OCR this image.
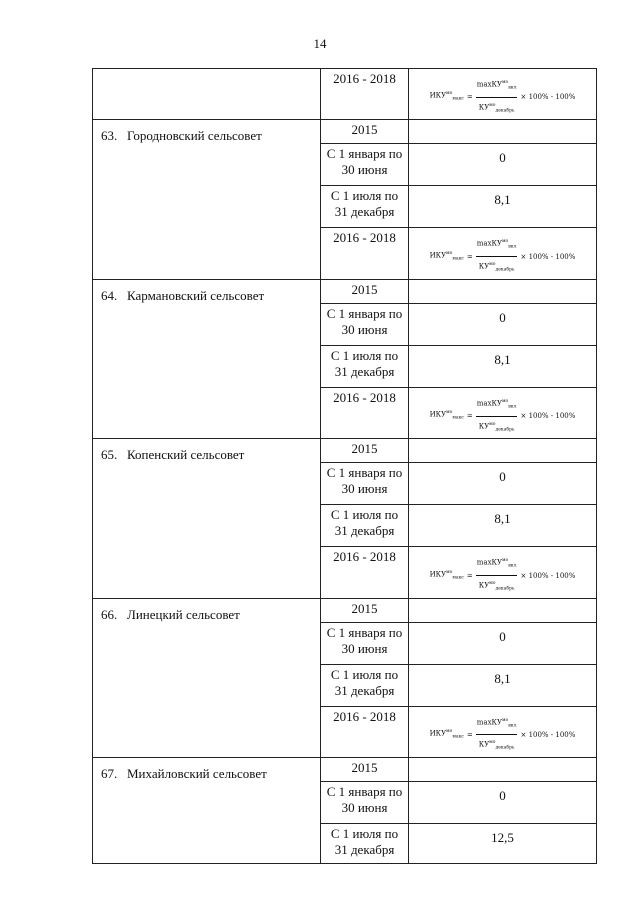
14
	2016 - 2018	$ИКУ^{мо}_{макс} = \frac{\max КУ^{мо}_{вкл}}{КУ^{мо}_{декабрь}} \times 100\% - 100\%$

63. Городновский сельсовет	2015	
	С 1 января по 30 июня	0
	С 1 июля по 31 декабря	8,1
	2016 - 2018	$ИКУ^{мо}_{макс} = \frac{\max КУ^{мо}_{вкл}}{КУ^{мо}_{декабрь}} \times 100\% - 100\%$

64. Кармановский сельсовет	2015	
	С 1 января по 30 июня	0
	С 1 июля по 31 декабря	8,1
	2016 - 2018	$ИКУ^{мо}_{макс} = \frac{\max КУ^{мо}_{вкл}}{КУ^{мо}_{декабрь}} \times 100\% - 100\%$

65. Копенский сельсовет	2015	
	С 1 января по 30 июня	0
	С 1 июля по 31 декабря	8,1
	2016 - 2018	$ИКУ^{мо}_{макс} = \frac{\max КУ^{мо}_{вкл}}{КУ^{мо}_{декабрь}} \times 100\% - 100\%$

66. Линецкий сельсовет	2015	
	С 1 января по 30 июня	0
	С 1 июля по 31 декабря	8,1
	2016 - 2018	$ИКУ^{мо}_{макс} = \frac{\max КУ^{мо}_{вкл}}{КУ^{мо}_{декабрь}} \times 100\% - 100\%$

67. Михайловский сельсовет	2015	
	С 1 января по 30 июня	0
	С 1 июля по 31 декабря	12,5
